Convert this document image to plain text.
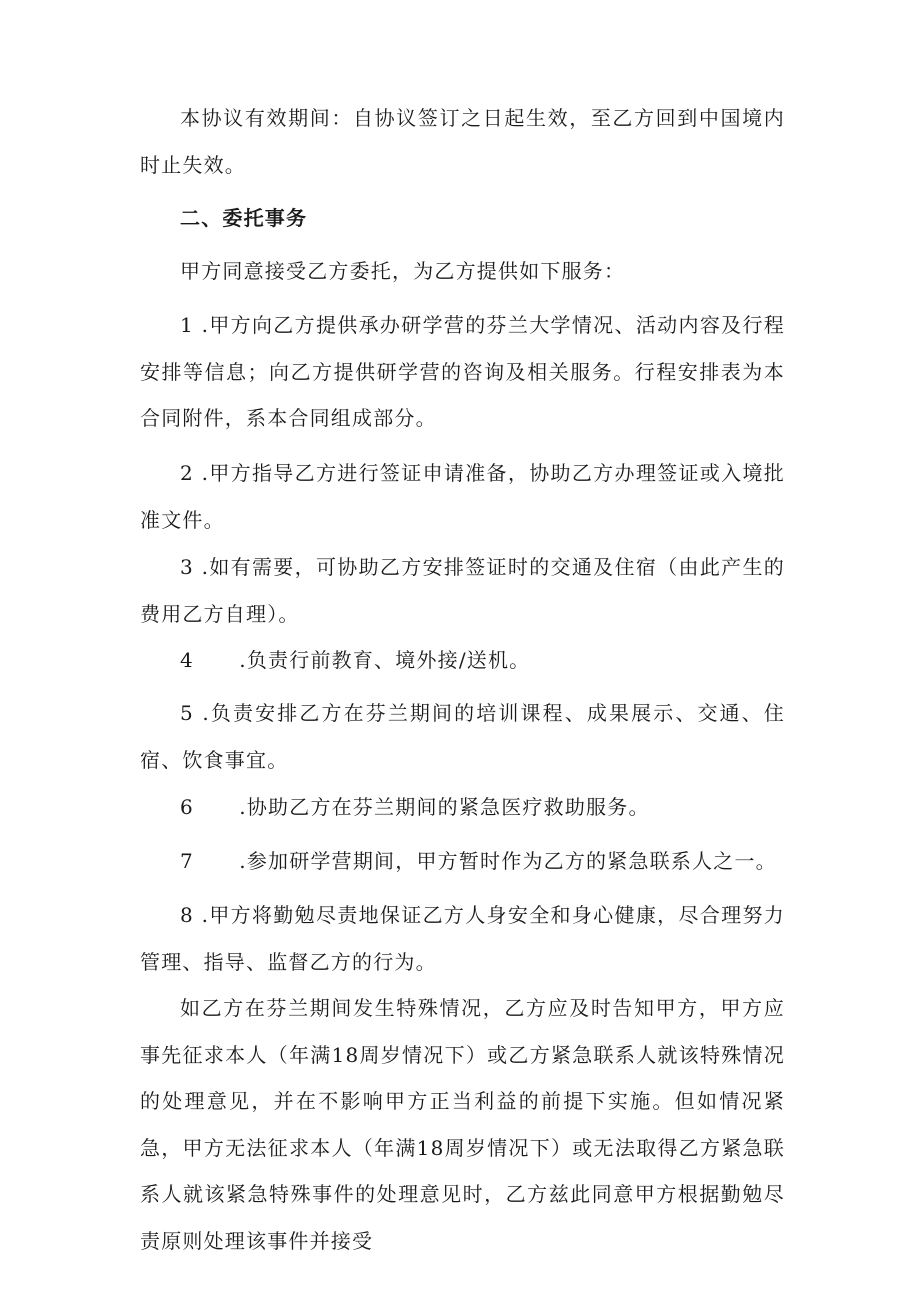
本协议有效期间：自协议签订之日起生效，至乙方回到中国境内时止失效。

二、委托事务

甲方同意接受乙方委托，为乙方提供如下服务：

1 .甲方向乙方提供承办研学营的芬兰大学情况、活动内容及行程安排等信息；向乙方提供研学营的咨询及相关服务。行程安排表为本合同附件，系本合同组成部分。

2 .甲方指导乙方进行签证申请准备，协助乙方办理签证或入境批准文件。

3 .如有需要，可协助乙方安排签证时的交通及住宿（由此产生的费用乙方自理）。

4      .负责行前教育、境外接/送机。

5 .负责安排乙方在芬兰期间的培训课程、成果展示、交通、住宿、饮食事宜。

6      .协助乙方在芬兰期间的紧急医疗救助服务。

7      .参加研学营期间，甲方暂时作为乙方的紧急联系人之一。

8 .甲方将勤勉尽责地保证乙方人身安全和身心健康，尽合理努力管理、指导、监督乙方的行为。

如乙方在芬兰期间发生特殊情况，乙方应及时告知甲方，甲方应事先征求本人（年满18周岁情况下）或乙方紧急联系人就该特殊情况的处理意见，并在不影响甲方正当利益的前提下实施。但如情况紧急，甲方无法征求本人（年满18周岁情况下）或无法取得乙方紧急联系人就该紧急特殊事件的处理意见时，乙方兹此同意甲方根据勤勉尽责原则处理该事件并接受
